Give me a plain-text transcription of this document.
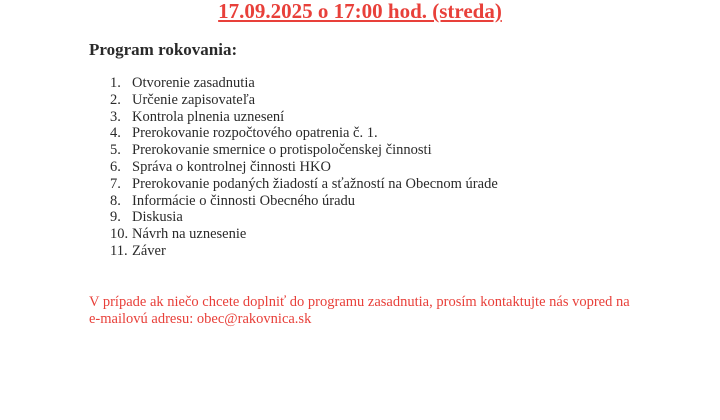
17.09.2025 o 17:00 hod. (streda)
Program rokovania:
1. Otvorenie zasadnutia
2. Určenie zapisovateľa
3. Kontrola plnenia uznesení
4. Prerokovanie rozpočtového opatrenia č. 1.
5. Prerokovanie smernice o protispoločenskej činnosti
6. Správa o kontrolnej činnosti HKO
7. Prerokovanie podaných žiadostí a sťažností na Obecnom úrade
8. Informácie o činnosti Obecného úradu
9. Diskusia
10. Návrh na uznesenie
11. Záver
V prípade ak niečo chcete doplniť do programu zasadnutia, prosím kontaktujte nás vopred na
e-mailovú adresu: obec@rakovnica.sk
